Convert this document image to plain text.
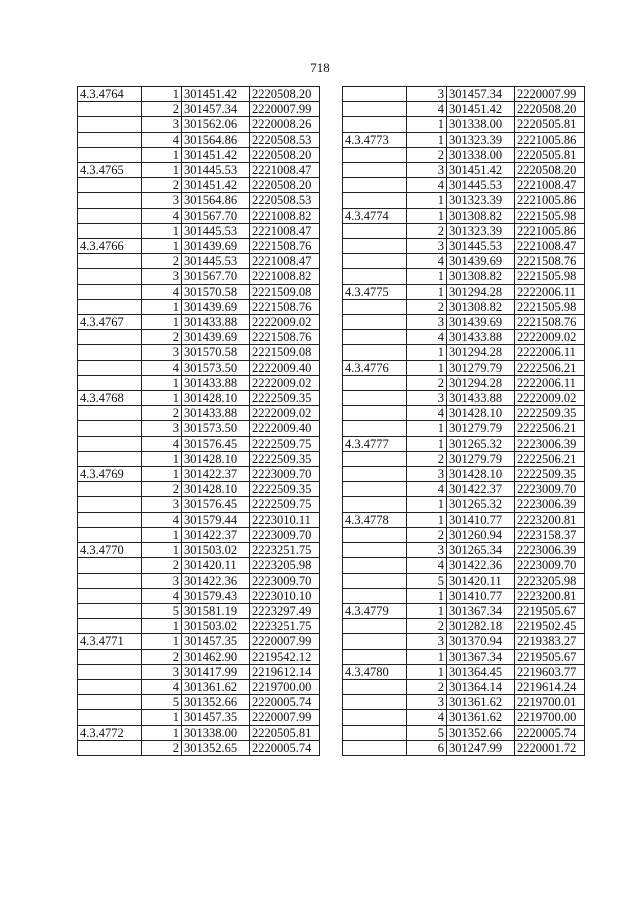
718
4.3.4764	1	301451.42	2220508.20
	2	301457.34	2220007.99
	3	301562.06	2220008.26
	4	301564.86	2220508.53
	1	301451.42	2220508.20
4.3.4765	1	301445.53	2221008.47
	2	301451.42	2220508.20
	3	301564.86	2220508.53
	4	301567.70	2221008.82
	1	301445.53	2221008.47
4.3.4766	1	301439.69	2221508.76
	2	301445.53	2221008.47
	3	301567.70	2221008.82
	4	301570.58	2221509.08
	1	301439.69	2221508.76
4.3.4767	1	301433.88	2222009.02
	2	301439.69	2221508.76
	3	301570.58	2221509.08
	4	301573.50	2222009.40
	1	301433.88	2222009.02
4.3.4768	1	301428.10	2222509.35
	2	301433.88	2222009.02
	3	301573.50	2222009.40
	4	301576.45	2222509.75
	1	301428.10	2222509.35
4.3.4769	1	301422.37	2223009.70
	2	301428.10	2222509.35
	3	301576.45	2222509.75
	4	301579.44	2223010.11
	1	301422.37	2223009.70
4.3.4770	1	301503.02	2223251.75
	2	301420.11	2223205.98
	3	301422.36	2223009.70
	4	301579.43	2223010.10
	5	301581.19	2223297.49
	1	301503.02	2223251.75
4.3.4771	1	301457.35	2220007.99
	2	301462.90	2219542.12
	3	301417.99	2219612.14
	4	301361.62	2219700.00
	5	301352.66	2220005.74
	1	301457.35	2220007.99
4.3.4772	1	301338.00	2220505.81
	2	301352.65	2220005.74
	3	301457.34	2220007.99
	4	301451.42	2220508.20
	1	301338.00	2220505.81
4.3.4773	1	301323.39	2221005.86
	2	301338.00	2220505.81
	3	301451.42	2220508.20
	4	301445.53	2221008.47
	1	301323.39	2221005.86
4.3.4774	1	301308.82	2221505.98
	2	301323.39	2221005.86
	3	301445.53	2221008.47
	4	301439.69	2221508.76
	1	301308.82	2221505.98
4.3.4775	1	301294.28	2222006.11
	2	301308.82	2221505.98
	3	301439.69	2221508.76
	4	301433.88	2222009.02
	1	301294.28	2222006.11
4.3.4776	1	301279.79	2222506.21
	2	301294.28	2222006.11
	3	301433.88	2222009.02
	4	301428.10	2222509.35
	1	301279.79	2222506.21
4.3.4777	1	301265.32	2223006.39
	2	301279.79	2222506.21
	3	301428.10	2222509.35
	4	301422.37	2223009.70
	1	301265.32	2223006.39
4.3.4778	1	301410.77	2223200.81
	2	301260.94	2223158.37
	3	301265.34	2223006.39
	4	301422.36	2223009.70
	5	301420.11	2223205.98
	1	301410.77	2223200.81
4.3.4779	1	301367.34	2219505.67
	2	301282.18	2219502.45
	3	301370.94	2219383.27
	1	301367.34	2219505.67
4.3.4780	1	301364.45	2219603.77
	2	301364.14	2219614.24
	3	301361.62	2219700.01
	4	301361.62	2219700.00
	5	301352.66	2220005.74
	6	301247.99	2220001.72
